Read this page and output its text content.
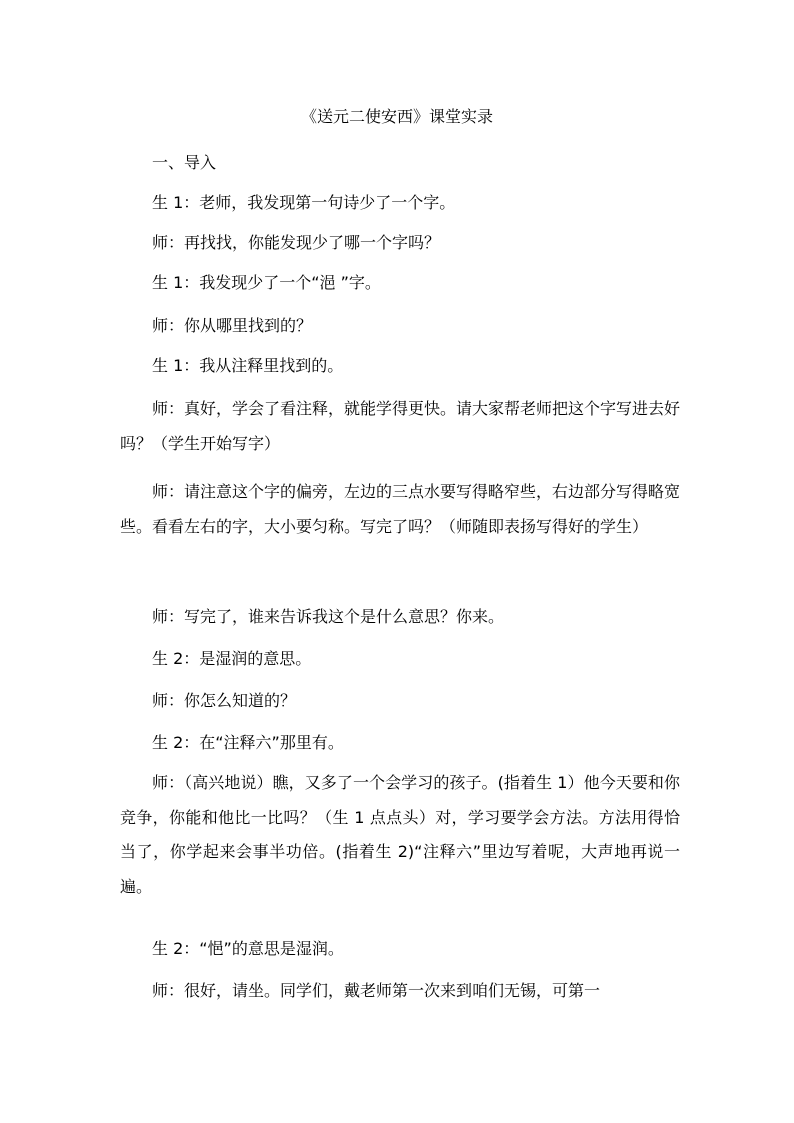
《送元二使安西》课堂实录

一、导入

生 1：老师，我发现第一句诗少了一个字。

师：再找找，你能发现少了哪一个字吗？

生 1：我发现少了一个“浥 ”字。

师：你从哪里找到的？

生 1：我从注释里找到的。

师：真好，学会了看注释，就能学得更快。请大家帮老师把这个字写进去好吗？（学生开始写字）

师：请注意这个字的偏旁，左边的三点水要写得略窄些，右边部分写得略宽些。看看左右的字，大小要匀称。写完了吗？（师随即表扬写得好的学生）

师：写完了，谁来告诉我这个是什么意思？你来。

生 2：是湿润的意思。

师：你怎么知道的？

生 2：在“注释六”那里有。

师：（高兴地说）瞧，又多了一个会学习的孩子。(指着生 1）他今天要和你竞争，你能和他比一比吗？（生 1 点点头）对，学习要学会方法。方法用得恰当了，你学起来会事半功倍。(指着生 2)“注释六”里边写着呢，大声地再说一遍。

生 2：“悒”的意思是湿润。

师：很好，请坐。同学们，戴老师第一次来到咱们无锡，可第一
